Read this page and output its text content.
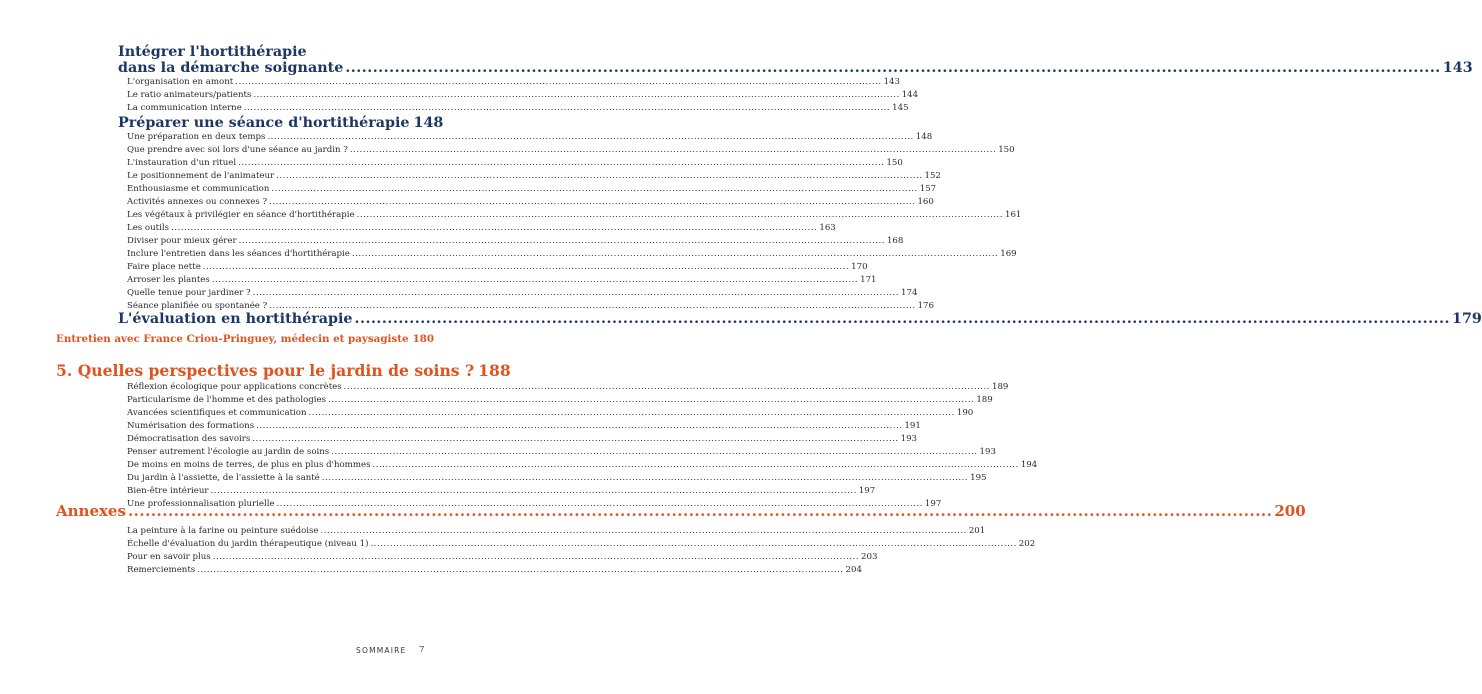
Intégrer l'hortithérapie
dans la démarche soignante .....	143
L'organisation en amont .....	143
Le ratio animateurs/patients .....	144
La communication interne .....	145
Préparer une séance d'hortithérapie 148
Une préparation en deux temps .....	148
Que prendre avec soi lors d'une séance au jardin ? .....	150
L'instauration d'un rituel .....	150
Le positionnement de l'animateur .....	152
Enthousiasme et communication .....	157
Activités annexes ou connexes ? .....	160
Les végétaux à privilégier en séance d'hortithérapie .....	161
Les outils .....	163
Diviser pour mieux gérer .....	168
Inclure l'entretien dans les séances d'hortithérapie .....	169
Faire place nette .....	170
Arroser les plantes .....	171
Quelle tenue pour jardiner ? .....	174
Séance planifiée ou spontanée ? .....	176
L'évaluation en hortithérapie .....	179
Entretien avec France Criou-Pringuey, médecin et paysagiste 180
5. Quelles perspectives pour le jardin de soins ? 188
Réflexion écologique pour applications concrètes .....	189
Particularisme de l'homme et des pathologies .....	189
Avancées scientifiques et communication .....	190
Numérisation des formations .....	191
Démocratisation des savoirs .....	193
Penser autrement l'écologie au jardin de soins .....	193
De moins en moins de terres, de plus en plus d'hommes .....	194
Du jardin à l'assiette, de l'assiette à la santé .....	195
Bien-être intérieur .....	197
Une professionnalisation plurielle .....	197
Annexes .....	200
La peinture à la farine ou peinture suédoise .....	201
Échelle d'évaluation du jardin thérapeutique (niveau 1) .....	202
Pour en savoir plus .....	203
Remerciements .....	204
SOMMAIRE 7
